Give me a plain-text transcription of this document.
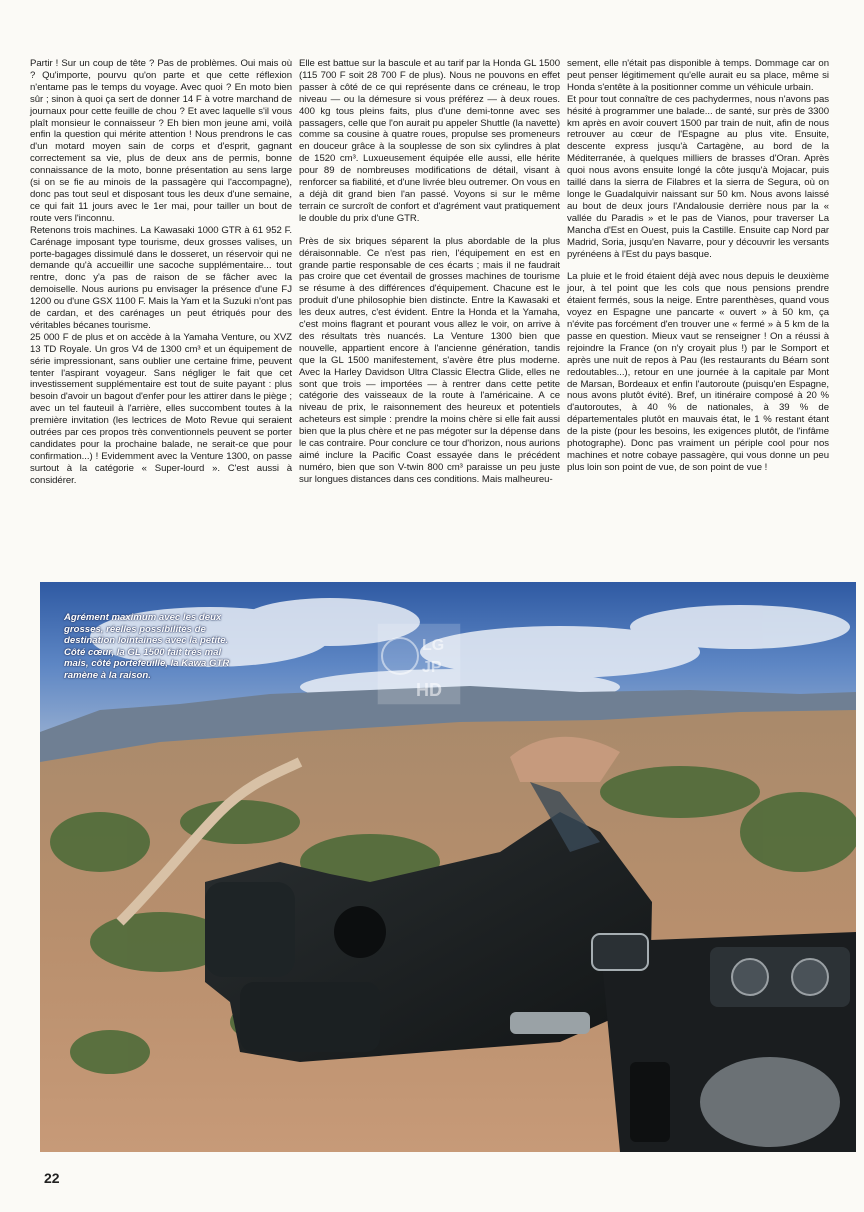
Partir ! Sur un coup de tête ? Pas de problèmes. Oui mais où ? Qu'importe, pourvu qu'on parte et que cette réflexion n'entame pas le temps du voyage. Avec quoi ? En moto bien sûr ; sinon à quoi ça sert de donner 14 F à votre marchand de journaux pour cette feuille de chou ? Et avec laquelle s'il vous plaît monsieur le connaisseur ? Eh bien mon jeune ami, voilà enfin la question qui mérite attention ! Nous prendrons le cas d'un motard moyen sain de corps et d'esprit, gagnant correctement sa vie, plus de deux ans de permis, bonne connaissance de la moto, bonne présentation au sens large (si on se fie au minois de la passagère qui l'accompagne), donc pas tout seul et disposant tous les deux d'une semaine, ce qui fait 11 jours avec le 1er mai, pour tailler un bout de route vers l'inconnu.

Retenons trois machines. La Kawasaki 1000 GTR à 61 952 F. Carénage imposant type tourisme, deux grosses valises, un porte-bagages dissimulé dans le dosseret, un réservoir qui ne demande qu'à accueillir une sacoche supplémentaire... tout rentre, donc y'a pas de raison de se fâcher avec la demoiselle. Nous aurions pu envisager la présence d'une FJ 1200 ou d'une GSX 1100 F. Mais la Yam et la Suzuki n'ont pas de cardan, et des carénages un peut étriqués pour des véritables bécanes tourisme.

25 000 F de plus et on accède à la Yamaha Venture, ou XVZ 13 TD Royale. Un gros V4 de 1300 cm³ et un équipement de série impressionant, sans oublier une certaine frime, peuvent tenter l'aspirant voyageur. Sans négliger le fait que cet investissement supplémentaire est tout de suite payant : plus besoin d'avoir un bagout d'enfer pour les attirer dans le piège ; avec un tel fauteuil à l'arrière, elles succombent toutes à la première invitation (les lectrices de Moto Revue qui seraient outrées par ces propos très conventionnels peuvent se porter candidates pour la prochaine balade, ne serait-ce que pour confirmation...) ! Evidemment avec la Venture 1300, on passe surtout à la catégorie « Super-lourd ». C'est aussi à considérer.

Elle est battue sur la bascule et au tarif par la Honda GL 1500 (115 700 F soit 28 700 F de plus). Nous ne pouvons en effet passer à côté de ce qui représente dans ce créneau, le trop niveau — ou la démesure si vous préférez — à deux roues. 400 kg tous pleins faits, plus d'une demi-tonne avec ses passagers, celle que l'on aurait pu appeler Shuttle (la navette) comme sa cousine à quatre roues, propulse ses promeneurs en douceur grâce à la souplesse de son six cylindres à plat de 1520 cm³. Luxueusement équipée elle aussi, elle hérite pour 89 de nombreuses modifications de détail, visant à renforcer sa fiabilité, et d'une livrée bleu outremer. On vous en a déjà dit grand bien l'an passé. Voyons si sur le même terrain ce surcroît de confort et d'agrément vaut pratiquement le double du prix d'une GTR.

Près de six briques séparent la plus abordable de la plus déraisonnable. Ce n'est pas rien, l'équipement en est en grande partie responsable de ces écarts ; mais il ne faudrait pas croire que cet éventail de grosses machines de tourisme se résume à des différences d'équipement. Chacune est le produit d'une philosophie bien distincte. Entre la Kawasaki et les deux autres, c'est évident. Entre la Honda et la Yamaha, c'est moins flagrant et pourant vous allez le voir, on arrive à des résultats très nuancés. La Venture 1300 bien que nouvelle, appartient encore à l'ancienne génération, tandis que la GL 1500 manifestement, s'avère être plus moderne. Avec la Harley Davidson Ultra Classic Electra Glide, elles ne sont que trois — importées — à rentrer dans cette petite catégorie des vaisseaux de la route à l'américaine. A ce niveau de prix, le raisonnement des heureux et potentiels acheteurs est simple : prendre la moins chère si elle fait aussi bien que la plus chère et ne pas mégoter sur la dépense dans le cas contraire. Pour conclure ce tour d'horizon, nous aurions aimé inclure la Pacific Coast essayée dans le précédent numéro, bien que son V-twin 800 cm³ paraisse un peu juste sur longues distances dans ces conditions. Mais malheureu-

sement, elle n'était pas disponible à temps. Dommage car on peut penser légitimement qu'elle aurait eu sa place, même si Honda s'entête à la positionner comme un véhicule urbain.

Et pour tout connaître de ces pachydermes, nous n'avons pas hésité à programmer une balade... de santé, sur près de 3300 km après en avoir couvert 1500 par train de nuit, afin de nous retrouver au cœur de l'Espagne au plus vite. Ensuite, descente express jusqu'à Cartagène, au bord de la Méditerranée, à quelques milliers de brasses d'Oran. Après quoi nous avons ensuite longé la côte jusqu'à Mojacar, puis taillé dans la sierra de Filabres et la sierra de Segura, où on longe le Guadalquivir naissant sur 50 km. Nous avons laissé au bout de deux jours l'Andalousie derrière nous par la « vallée du Paradis » et le pas de Vianos, pour traverser La Mancha d'Est en Ouest, puis la Castille. Ensuite cap Nord par Madrid, Soria, jusqu'en Navarre, pour y découvrir les versants pyrénéens à l'Est du pays basque.

La pluie et le froid étaient déjà avec nous depuis le deuxième jour, à tel point que les cols que nous pensions prendre étaient fermés, sous la neige. Entre parenthèses, quand vous voyez en Espagne une pancarte « ouvert » à 50 km, ça n'évite pas forcément d'en trouver une « fermé » à 5 km de la passe en question. Mieux vaut se renseigner ! On a réussi à rejoindre la France (on n'y croyait plus !) par le Somport et après une nuit de repos à Pau (les restaurants du Béarn sont redoutables...), retour en une journée à la capitale par Mont de Marsan, Bordeaux et enfin l'autoroute (puisqu'en Espagne, nous avons plutôt évité). Bref, un itinéraire composé à 20 % d'autoroutes, à 40 % de nationales, à 39 % de départementales plutôt en mauvais état, le 1 % restant étant de la piste (pour les besoins, les exigences plutôt, de l'infâme photographe). Donc pas vraiment un périple cool pour nos machines et notre cobaye passagère, qui vous donne un peu plus loin son point de vue, de son point de vue !

Agrément maximum avec les deux grosses, réelles possibilités de destination lointaines avec la petite. Côté cœur, la GL 1500 fait très mal mais, côté portefeuille, la Kawa GTR ramène à la raison.
LG
JP
HD
22
